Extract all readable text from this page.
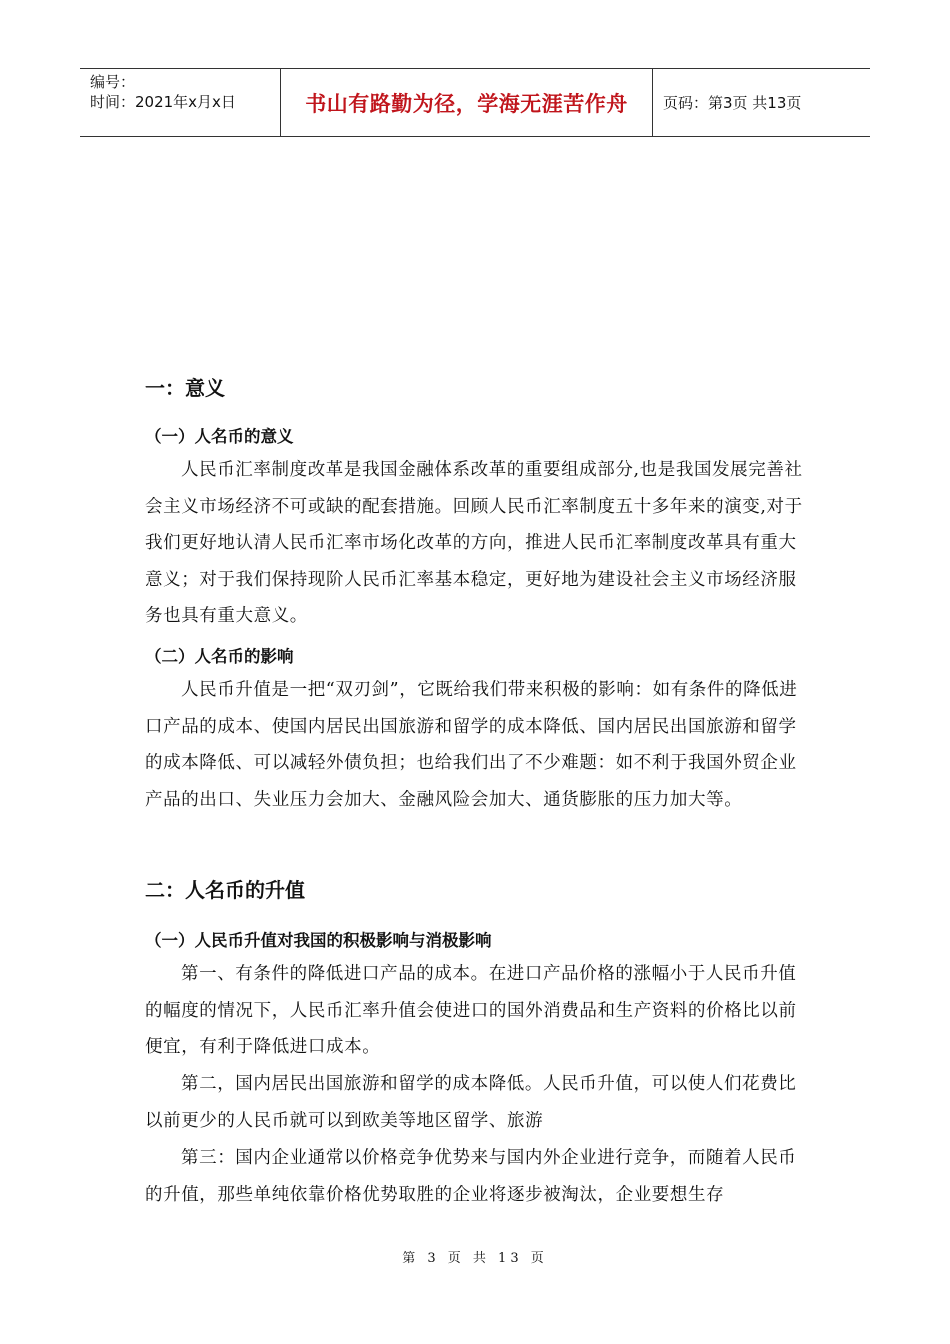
编号：
时间：2021年x月x日	书山有路勤为径，学海无涯苦作舟	页码：第3页 共13页
一：意义
（一）人名币的意义

人民币汇率制度改革是我国金融体系改革的重要组成部分,也是我国发展完善社会主义市场经济不可或缺的配套措施。回顾人民币汇率制度五十多年来的演变,对于我们更好地认清人民币汇率市场化改革的方向，推进人民币汇率制度改革具有重大意义；对于我们保持现阶人民币汇率基本稳定，更好地为建设社会主义市场经济服务也具有重大意义。

（二）人名币的影响

人民币升值是一把“双刃剑”，它既给我们带来积极的影响：如有条件的降低进口产品的成本、使国内居民出国旅游和留学的成本降低、国内居民出国旅游和留学的成本降低、可以减轻外债负担；也给我们出了不少难题：如不利于我国外贸企业产品的出口、失业压力会加大、金融风险会加大、通货膨胀的压力加大等。

二：人名币的升值
（一）人民币升值对我国的积极影响与消极影响

第一、有条件的降低进口产品的成本。在进口产品价格的涨幅小于人民币升值的幅度的情况下，人民币汇率升值会使进口的国外消费品和生产资料的价格比以前便宜，有利于降低进口成本。

第二，国内居民出国旅游和留学的成本降低。人民币升值，可以使人们花费比以前更少的人民币就可以到欧美等地区留学、旅游

第三：国内企业通常以价格竞争优势来与国内外企业进行竞争，而随着人民币的升值，那些单纯依靠价格优势取胜的企业将逐步被淘汰，企业要想生存

第 3 页 共 13 页
